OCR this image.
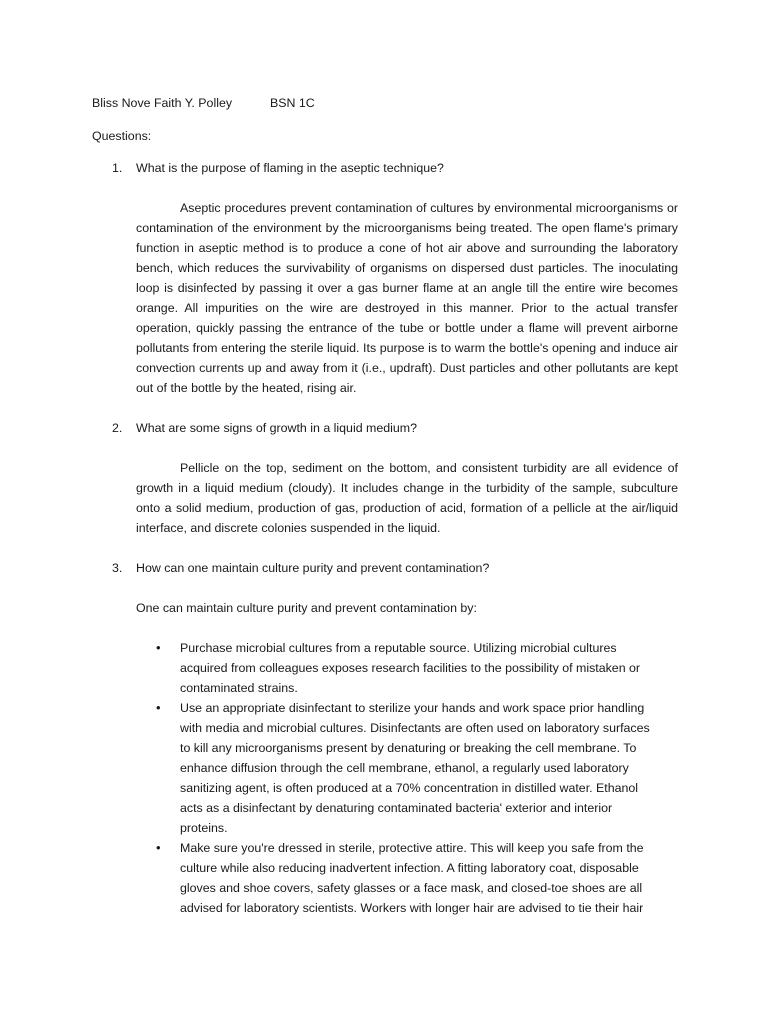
Bliss Nove Faith Y. Polley	BSN 1C
Questions:
1.	What is the purpose of flaming in the aseptic technique?
Aseptic procedures prevent contamination of cultures by environmental microorganisms or contamination of the environment by the microorganisms being treated. The open flame's primary function in aseptic method is to produce a cone of hot air above and surrounding the laboratory bench, which reduces the survivability of organisms on dispersed dust particles. The inoculating loop is disinfected by passing it over a gas burner flame at an angle till the entire wire becomes orange. All impurities on the wire are destroyed in this manner. Prior to the actual transfer operation, quickly passing the entrance of the tube or bottle under a flame will prevent airborne pollutants from entering the sterile liquid. Its purpose is to warm the bottle's opening and induce air convection currents up and away from it (i.e., updraft). Dust particles and other pollutants are kept out of the bottle by the heated, rising air.
2.	What are some signs of growth in a liquid medium?
Pellicle on the top, sediment on the bottom, and consistent turbidity are all evidence of growth in a liquid medium (cloudy). It includes change in the turbidity of the sample, subculture onto a solid medium, production of gas, production of acid, formation of a pellicle at the air/liquid interface, and discrete colonies suspended in the liquid.
3.	How can one maintain culture purity and prevent contamination?
One can maintain culture purity and prevent contamination by:
• Purchase microbial cultures from a reputable source. Utilizing microbial cultures acquired from colleagues exposes research facilities to the possibility of mistaken or contaminated strains.
• Use an appropriate disinfectant to sterilize your hands and work space prior handling with media and microbial cultures. Disinfectants are often used on laboratory surfaces to kill any microorganisms present by denaturing or breaking the cell membrane. To enhance diffusion through the cell membrane, ethanol, a regularly used laboratory sanitizing agent, is often produced at a 70% concentration in distilled water. Ethanol acts as a disinfectant by denaturing contaminated bacteria' exterior and interior proteins.
• Make sure you're dressed in sterile, protective attire. This will keep you safe from the culture while also reducing inadvertent infection. A fitting laboratory coat, disposable gloves and shoe covers, safety glasses or a face mask, and closed-toe shoes are all advised for laboratory scientists. Workers with longer hair are advised to tie their hair
